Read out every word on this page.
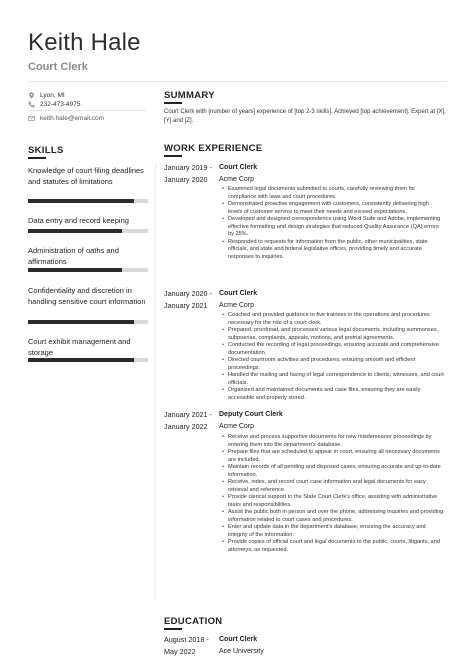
Keith Hale
Court Clerk
Lyon, MI
232-473-4975
keith.hale@email.com
SKILLS
Knowledge of court filing deadlines and statutes of limitations
Data entry and record keeping
Administration of oaths and affirmations
Confidentiality and discretion in handling sensitive court information
Court exhibit management and storage
SUMMARY
Court Clerk with [number of years] experience of [top 2-3 skills]. Achieved [top achievement]. Expert at [X], [Y] and [Z].
WORK EXPERIENCE
January 2019 -
January 2020
Court Clerk
Acme Corp
• Examined legal documents submitted to courts, carefully reviewing them for compliance with laws and court procedures.
• Demonstrated proactive engagement with customers, consistently delivering high levels of customer service to meet their needs and exceed expectations.
• Developed and designed correspondence using Word Suite and Adobe, implementing effective formatting and design strategies that reduced Quality Assurance (QA) errors by 25%.
• Responded to requests for information from the public, other municipalities, state officials, and state and federal legislative offices, providing timely and accurate responses to inquiries.
January 2020 -
January 2021
Court Clerk
Acme Corp
• Coached and provided guidance to five trainees in the operations and procedures necessary for the role of a court clerk.
• Prepared, proofread, and processed various legal documents, including summonses, subpoenas, complaints, appeals, motions, and pretrial agreements.
• Conducted the recording of legal proceedings, ensuring accurate and comprehensive documentation.
• Directed courtroom activities and procedures, ensuring smooth and efficient proceedings.
• Handled the mailing and faxing of legal correspondence to clients, witnesses, and court officials.
• Organized and maintained documents and case files, ensuring they are easily accessible and properly stored.
January 2021 -
January 2022
Deputy Court Clerk
Acme Corp
• Receive and process supportive documents for new misdemeanor proceedings by entering them into the department's database.
• Prepare files that are scheduled to appear in court, ensuring all necessary documents are included.
• Maintain records of all pending and disposed cases, ensuring accurate and up-to-date information.
• Receive, index, and record court case information and legal documents for easy retrieval and reference.
• Provide clerical support to the State Court Clerk's office, assisting with administrative tasks and responsibilities.
• Assist the public both in person and over the phone, addressing inquiries and providing information related to court cases and procedures.
• Enter and update data in the department's database, ensuring the accuracy and integrity of the information.
• Provide copies of official court and legal documents to the public, courts, litigants, and attorneys, as requested.
EDUCATION
August 2018 -
May 2022
Court Clerk
Ace University
